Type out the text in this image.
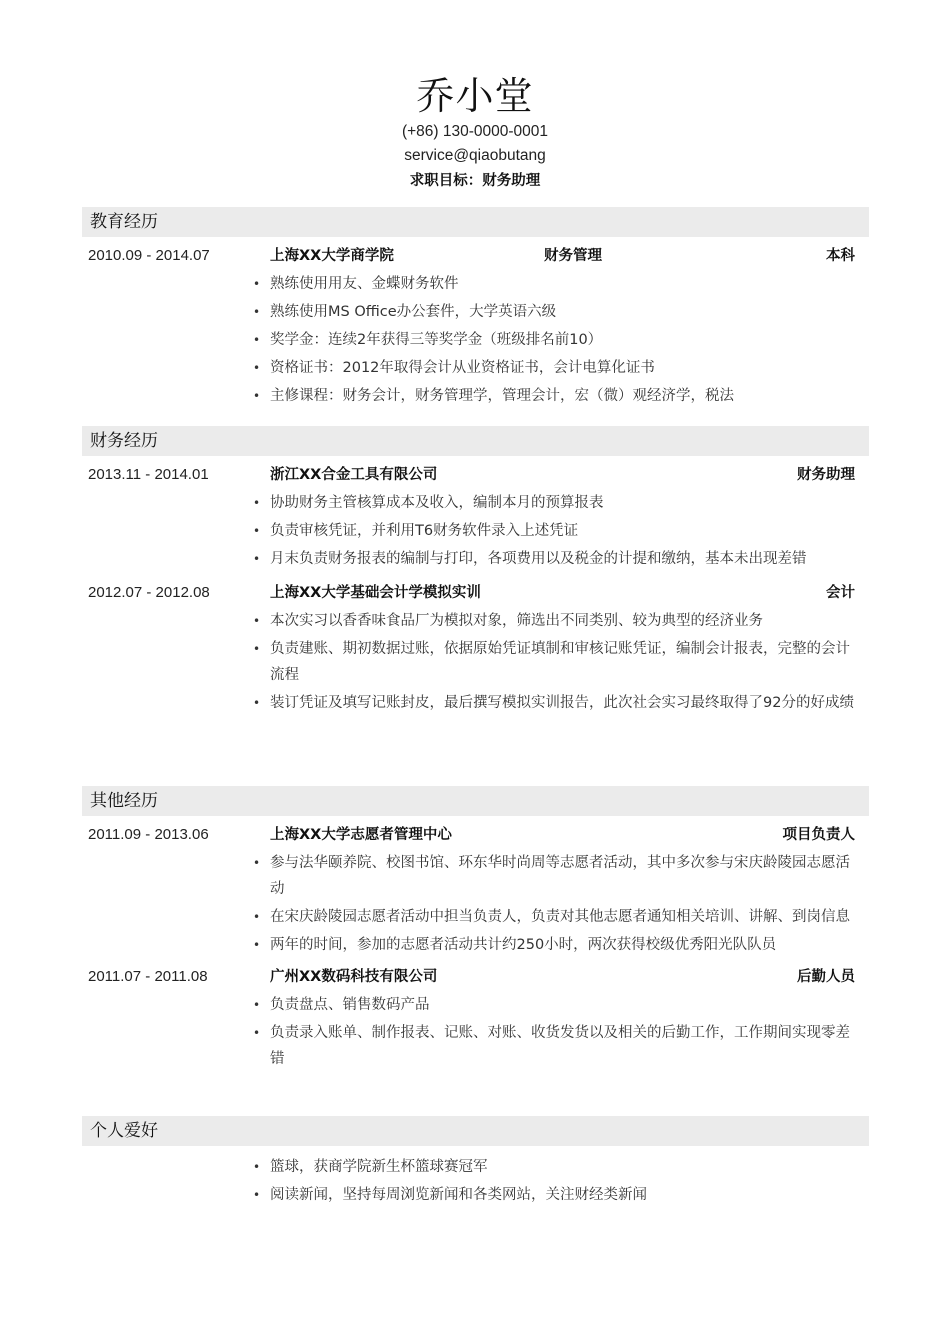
乔小堂
(+86) 130-0000-0001
service@qiaobutang
求职目标：财务助理
教育经历
2010.09 - 2014.07	上海XX大学商学院	财务管理	本科
• 熟练使用用友、金蝶财务软件
• 熟练使用MS Office办公套件，大学英语六级
• 奖学金：连续2年获得三等奖学金（班级排名前10）
• 资格证书：2012年取得会计从业资格证书，会计电算化证书
• 主修课程：财务会计，财务管理学，管理会计，宏（微）观经济学，税法
财务经历
2013.11 - 2014.01	浙江XX合金工具有限公司	财务助理
• 协助财务主管核算成本及收入，编制本月的预算报表
• 负责审核凭证，并利用T6财务软件录入上述凭证
• 月末负责财务报表的编制与打印，各项费用以及税金的计提和缴纳，基本未出现差错
2012.07 - 2012.08	上海XX大学基础会计学模拟实训	会计
• 本次实习以香香味食品厂为模拟对象，筛选出不同类别、较为典型的经济业务
• 负责建账、期初数据过账，依据原始凭证填制和审核记账凭证，编制会计报表，完整的会计流程
• 装订凭证及填写记账封皮，最后撰写模拟实训报告，此次社会实习最终取得了92分的好成绩
其他经历
2011.09 - 2013.06	上海XX大学志愿者管理中心	项目负责人
• 参与法华颐养院、校图书馆、环东华时尚周等志愿者活动，其中多次参与宋庆龄陵园志愿活动
• 在宋庆龄陵园志愿者活动中担当负责人，负责对其他志愿者通知相关培训、讲解、到岗信息
• 两年的时间，参加的志愿者活动共计约250小时，两次获得校级优秀阳光队队员
2011.07 - 2011.08	广州XX数码科技有限公司	后勤人员
• 负责盘点、销售数码产品
• 负责录入账单、制作报表、记账、对账、收货发货以及相关的后勤工作，工作期间实现零差错
个人爱好
• 篮球，获商学院新生杯篮球赛冠军
• 阅读新闻，坚持每周浏览新闻和各类网站，关注财经类新闻
